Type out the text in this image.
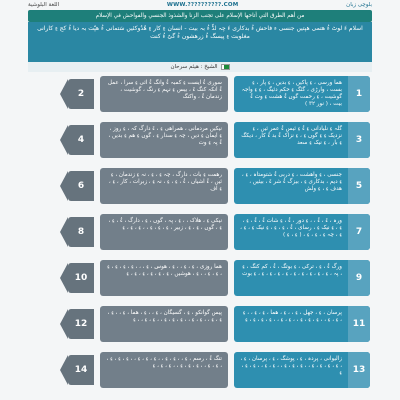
بلوچی زبان
WWW.??????????.COM
اللغة البلوشية
من أهم الطرق التي أتاحها الإسلام على تجنب الزنا والشذوذ الجنسي والفواحش في الإسلام
اسلام ءَ لوٹ ءُ هتمی هپتیں جنسی ء فاحش ءُ بدکاری ءَ چہ لڈّ ءُ بہ بیت - انسان ءِ کار ءِ هُدُوکئیں سَتمانی ءُ هپّت بہ دیا ءُ کج ءِ کارانی مغلوبت ءِ پیسگ ءُ زرهشون ءُ گیّ ءُ کنت
الشيخ : هيثم سرحان
2
سوری ءُ ایست ءِ کمبہ ءُ وانگ ءُ ائی ءِ سرا ، عمل ءُ انکہ کنگ ءَ ، بیس ءِ نہم ءِ رنگ ، گوشیت ، زندمان ءُ ، واکنگ	1
هما ورسی ، ءِ پاکیں ، ءِ بدیں ، ءِ پار ، ءِ بست ، وارڑی ، گٹگ ءِ حکم دئیگ ، ءِ ءِ واجہ گوشیت ، ءِ رحمت گوں ءُ هشت ءِ وت ءُ بیت ، ( نور ۳۲ )
4
نیکیں مردمانی ، همراهی ءِ ، ءَ دارگ کہ ، ءِ روز ، ءِ ایمان ءِ دیں ، چہ ءِ سدار ءِ ، گوں ءِ هم ءِ بدیں ، ءُ پہ ءِ وت	3
گلہ ءِ نلیادانی ءِ ءُ ءِ ئیس ءُ عمر ئیں ، ءِ نزدیک ءِ ءِ گوں ءِ ، ءِ نزاک ءُ بد ءُ کار ، دیکگ ءِ بار ، ءِ نیک ءِ سعد
6
رهمت ءِ بات ، دارگ ، چہ ءِ ، ءِ ، نہ ءِ زندمان ، ءِ ئیں ، ءُ اشیاں ، ءُ ، ءِ ، ءِ ، نہ ءِ ، زبرات ، کار ، ءِ ، ءِ اف	5
جنسی ، ءِ واهشت ، ءِ دربی ءُ شتومتاہ ، ءِ ، ءِ دیم ، بدکاری ءِ ، بیزگ ءُ شر ءَ ، بیئیں ، هدف ءِ ، ءِ ولش
8
نیکی ءِ ، هلاک ، ، ءِ ، پہ ، گوں ، ءِ ، دارگ ، ءُ ، ءِ ، ءِ ، گوں ، ءِ ، ءِ ، زبیر ، ءِ ، ءِ ، ءِ ، ، ءِ ، ءِ ، ءِ	7
ورہ ، ءَ ، ءُ ، ، ءِ دور ، ءُ ، ءِ شات ءُ ، ءُ ، ءِ ، ءِ ، ءِ نیک ءِ ، رسای ، ءُ ، ءِ ، ءِ ، ءِ نیک ءِ ، ءِ ، ءِ ، چہ ءِ ، ءِ ، ءِ ، ( ءِ ، ءِ )
10
هما روزی ، ءِ ، ءِ ، ، ءِ ، هوس ، ءِ ، ، ، ءِ ، ءِ ، ءِ ، ءِ ، ءِ ، ءِ ، ، ءِ ، هوشیں ، ءِ ، ءِ ، ءِ ، ءِ ، ءِ ، ءِ	9
ورگ ءُ ، ءِ ، ترکی ، ءِ بوتگ ، ءُ ، کم کنگ ، ءِ ، پہ ، ءِ ، ءِ ، ءِ ، ءِ ، ءِ ، ءِ ، ءِ ، ءِ ، ءِ ، ءِ بوت
12
پیس گوانکو ، ءِ ، گسیگان ، ءِ ، ، ءِ ، هما ، ءِ ، ، ءِ ، ءِ ، ءِ ، ، ءِ ، ءِ ، ، ءِ ، ءِ ، ءِ ، ، ءِ ، ءِ ، ، ءِ	11
پرسان ، ءِ ، جهل ، ءِ ، ، ءِ ، هما ، ءِ ، ءِ ، ، ءِ ، ءِ ، ءِ ، ، ءِ ، ءِ ، ءِ ، ، ءِ ، ءِ ، ، ءِ ، ءِ ، ءِ ، ءِ
14
تنگ ءُ ، رسم ، ءِ ، ، ءِ ، ءِ ، ، ءِ ، ءِ ، ءِ ، ، ءِ ، ءِ ، ءِ ، ، ءِ ، ءِ ، ، ءِ ، ءِ ، ءِ ، ، ءِ ، ءِ ، ءِ	13
زالیوانی ، پردہ ، ءِ ، پوشگ ، ءِ ، پرسان ، ءِ ، ، ءِ ، ءِ ، ءِ ، ءِ ، ، ءِ ، ءِ ، ءِ ، ، ءِ ، ءِ ، ، ءِ ، ءِ ، ءِ
